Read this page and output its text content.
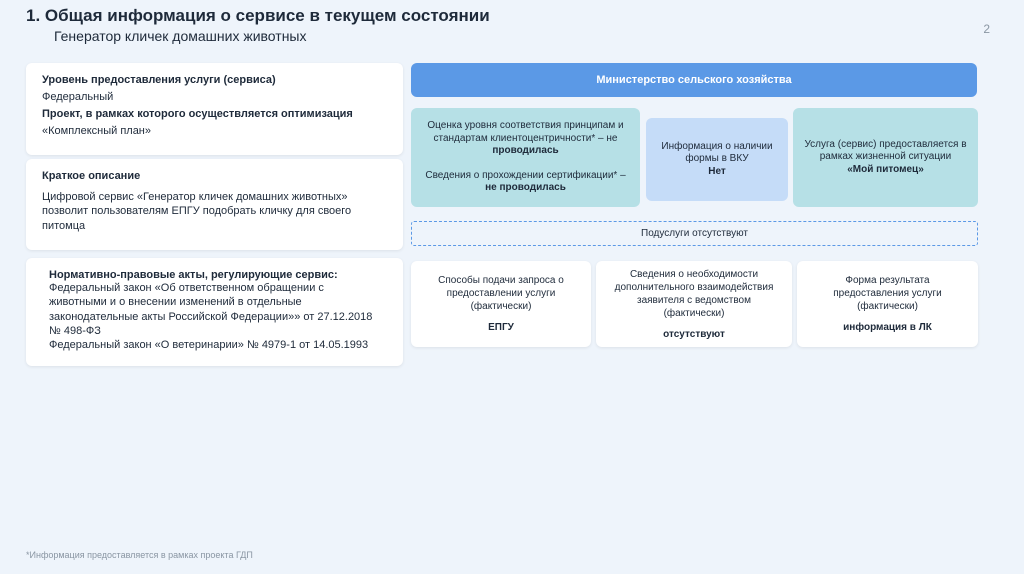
1. Общая информация о сервисе в текущем состоянии
Генератор кличек домашних животных	2
Уровень предоставления услуги (сервиса)
Федеральный
Проект, в рамках которого осуществляется оптимизация
«Комплексный план»
Краткое описание
Цифровой сервис «Генератор кличек домашних животных» позволит пользователям ЕПГУ подобрать кличку для своего питомца
Нормативно-правовые акты, регулирующие сервис:
Федеральный закон «Об ответственном обращении с животными и о внесении изменений в отдельные законодательные акты Российской Федерации»» от 27.12.2018 № 498-ФЗ
Федеральный закон «О ветеринарии» № 4979-1 от 14.05.1993
Министерство сельского хозяйства
Оценка уровня соответствия принципам и стандартам клиентоцентричности* – не проводилась
Сведения о прохождении сертификации* – не проводилась
Информация о наличии формы в ВКУ
Нет
Услуга (сервис) предоставляется в рамках жизненной ситуации
«Мой питомец»
Подуслуги отсутствуют
Способы подачи запроса о предоставлении услуги (фактически)
ЕПГУ
Сведения о необходимости дополнительного взаимодействия заявителя с ведомством (фактически)
отсутствуют
Форма результата предоставления услуги (фактически)
информация в ЛК
*Информация предоставляется в рамках проекта ГДП
